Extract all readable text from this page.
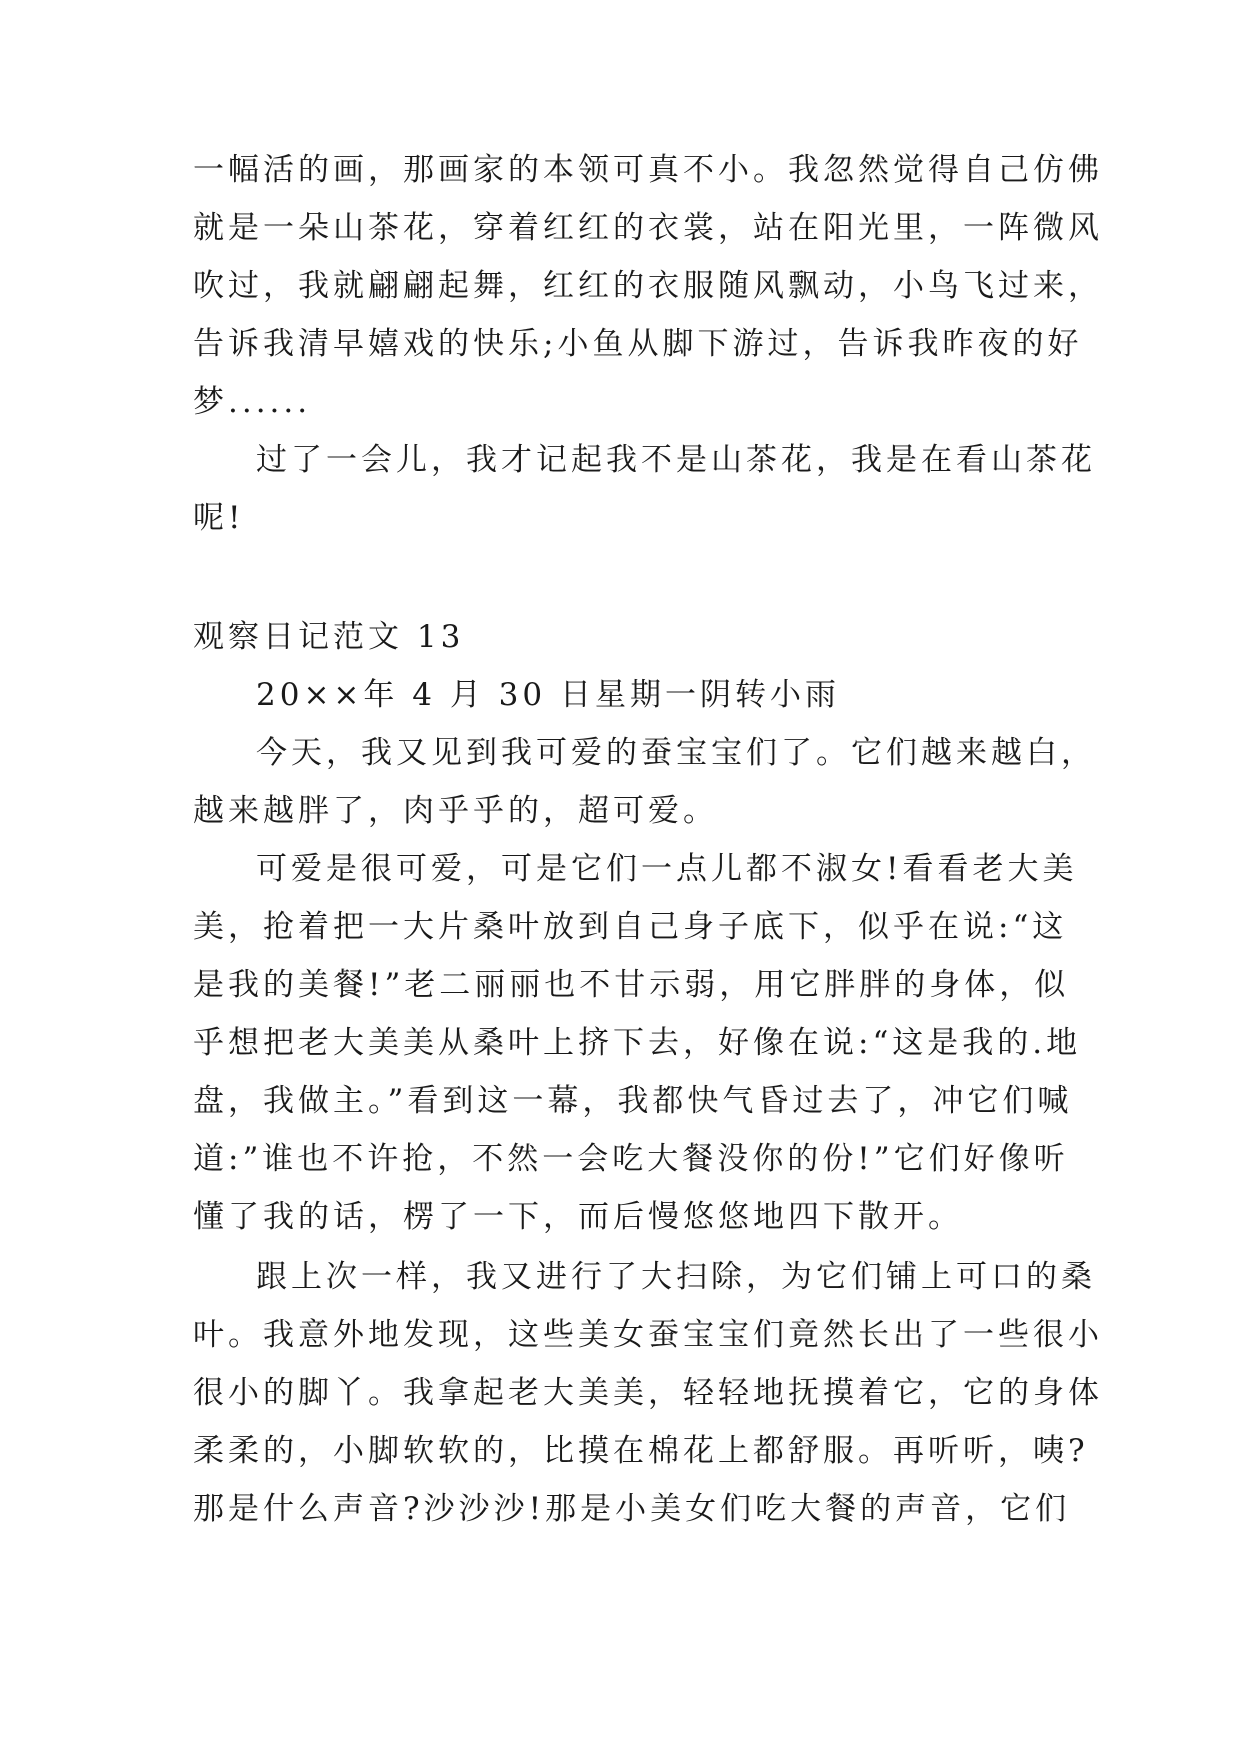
一幅活的画，那画家的本领可真不小。我忽然觉得自己仿佛
就是一朵山茶花，穿着红红的衣裳，站在阳光里，一阵微风
吹过，我就翩翩起舞，红红的衣服随风飘动，小鸟飞过来，
告诉我清早嬉戏的快乐;小鱼从脚下游过，告诉我昨夜的好
梦......
过了一会儿，我才记起我不是山茶花，我是在看山茶花
呢!
观察日记范文 13
20××年 4 月 30 日星期一阴转小雨
今天，我又见到我可爱的蚕宝宝们了。它们越来越白，
越来越胖了，肉乎乎的，超可爱。
可爱是很可爱，可是它们一点儿都不淑女!看看老大美
美，抢着把一大片桑叶放到自己身子底下，似乎在说:“这
是我的美餐!”老二丽丽也不甘示弱，用它胖胖的身体，似
乎想把老大美美从桑叶上挤下去，好像在说:“这是我的.地
盘，我做主。”看到这一幕，我都快气昏过去了，冲它们喊
道:”谁也不许抢，不然一会吃大餐没你的份!”它们好像听
懂了我的话，楞了一下，而后慢悠悠地四下散开。
跟上次一样，我又进行了大扫除，为它们铺上可口的桑
叶。我意外地发现，这些美女蚕宝宝们竟然长出了一些很小
很小的脚丫。我拿起老大美美，轻轻地抚摸着它，它的身体
柔柔的，小脚软软的，比摸在棉花上都舒服。再听听，咦?
那是什么声音?沙沙沙!那是小美女们吃大餐的声音，它们
